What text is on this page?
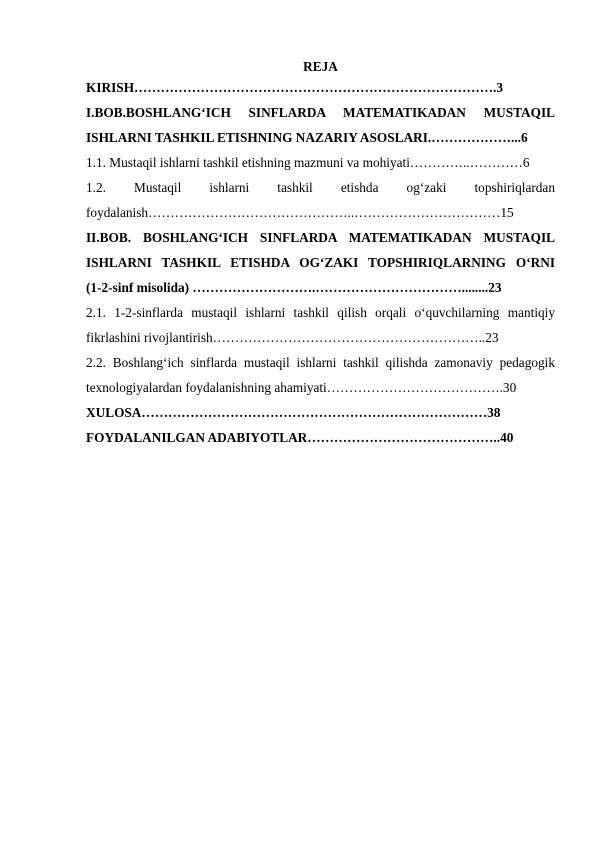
REJA
KIRISH……………………………………………………………………….3
I.BOB.BOSHLANG‘ICH SINFLARDA MATEMATIKADAN MUSTAQIL
ISHLARNI TASHKIL ETISHNING NAZARIY ASOSLARI.………………...6
1.1. Mustaqil ishlarni tashkil etishning mazmuni va mohiyati…………..…………6
1.2. Mustaqil ishlarni tashkil etishda og‘zaki topshiriqlardan
foydalanish………………………………………..……………………………15
II.BOB. BOSHLANG‘ICH SINFLARDA MATEMATIKADAN MUSTAQIL
ISHLARNI TASHKIL ETISHDA OG‘ZAKI TOPSHIRIQLARNING O‘RNI
(1-2-sinf misolida) ……………………….……………………………........23
2.1. 1-2-sinflarda mustaqil ishlarni tashkil qilish orqali o‘quvchilarning mantiqiy
fikrlashini rivojlantirish……………………………………………………..23
2.2. Boshlang‘ich sinflarda mustaqil ishlarni tashkil qilishda zamonaviy pedagogik
texnologiyalardan foydalanishning ahamiyati………………………………….30
XULOSA……………………………………………………………………38
FOYDALANILGAN ADABIYOTLAR……………………………………..40
